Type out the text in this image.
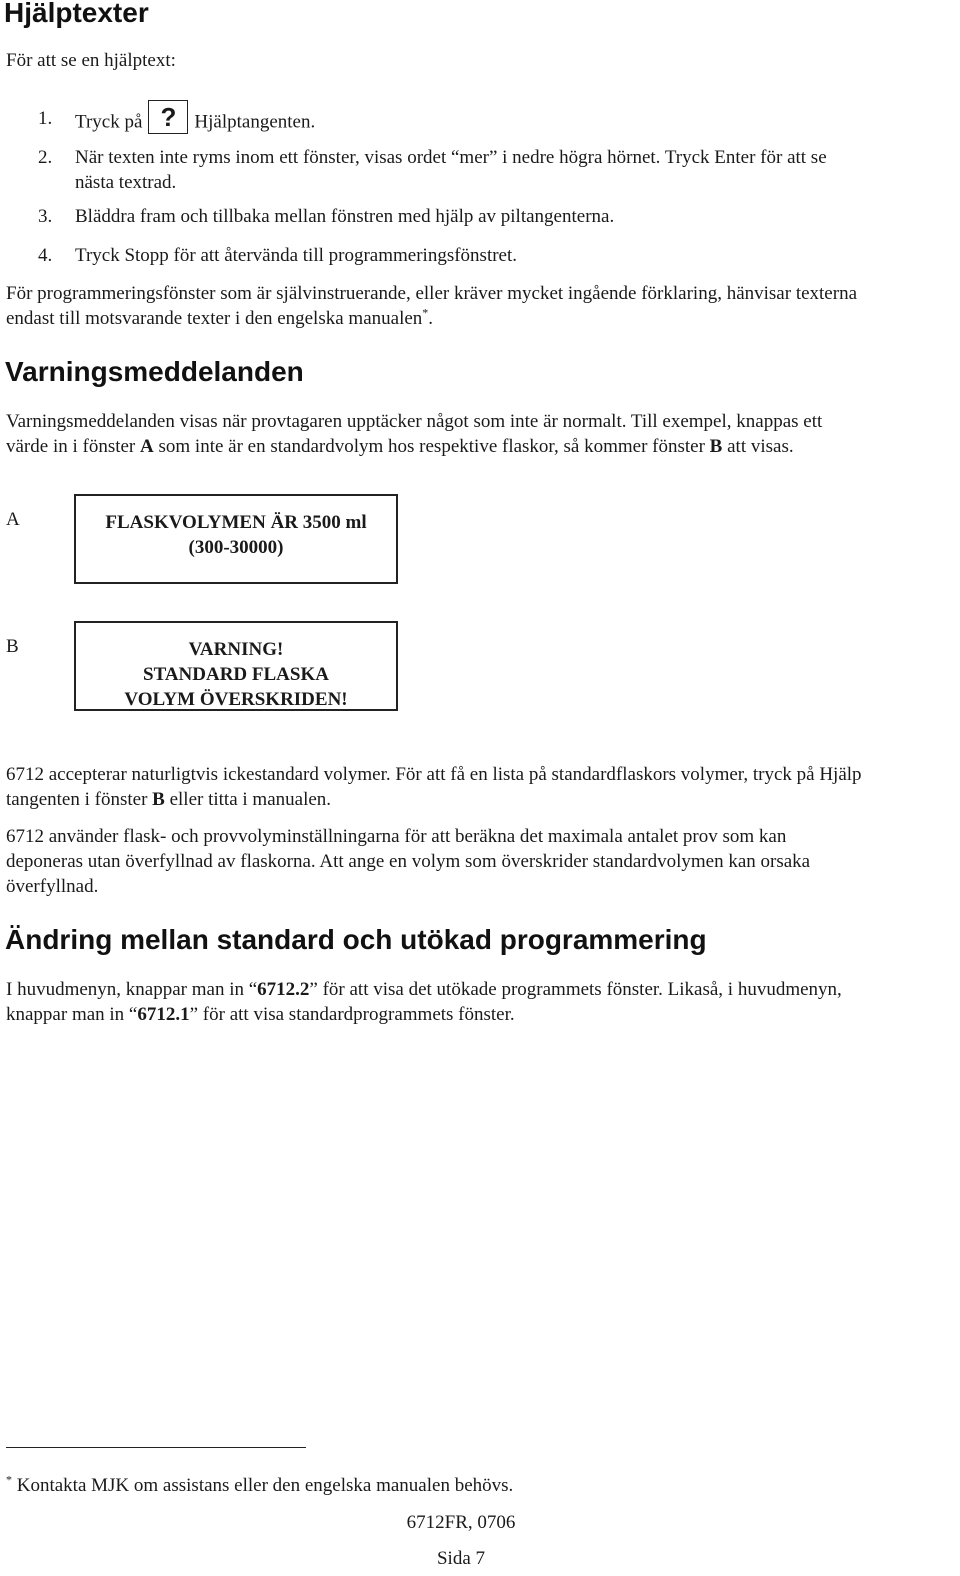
Hjälptexter

För att se en hjälptext:

1.	Tryck på ? Hjälptangenten.
2.	När texten inte ryms inom ett fönster, visas ordet “mer” i nedre högra hörnet. Tryck Enter för att se
nästa textrad.
3.	Bläddra fram och tillbaka mellan fönstren med hjälp av piltangenterna.
4.	Tryck Stopp för att återvända till programmeringsfönstret.

För programmeringsfönster som är självinstruerande, eller kräver mycket ingående förklaring, hänvisar texterna
endast till motsvarande texter i den engelska manualen*.

Varningsmeddelanden

Varningsmeddelanden visas när provtagaren upptäcker något som inte är normalt. Till exempel, knappas ett
värde in i fönster A som inte är en standardvolym hos respektive flaskor, så kommer fönster B att visas.

A	FLASKVOLYMEN ÄR 3500 ml
(300-30000)
B	VARNING!
STANDARD FLASKA
VOLYM ÖVERSKRIDEN!

6712 accepterar naturligtvis ickestandard volymer. För att få en lista på standardflaskors volymer, tryck på Hjälp
tangenten i fönster B eller titta i manualen.

6712 använder flask- och provvolyminställningarna för att beräkna det maximala antalet prov som kan
deponeras utan överfyllnad av flaskorna. Att ange en volym som överskrider standardvolymen kan orsaka
överfyllnad.

Ändring mellan standard och utökad programmering

I huvudmenyn, knappar man in “6712.2” för att visa det utökade programmets fönster. Likaså, i huvudmenyn,
knappar man in “6712.1” för att visa standardprogrammets fönster.

* Kontakta MJK om assistans eller den engelska manualen behövs.

6712FR, 0706

Sida 7
